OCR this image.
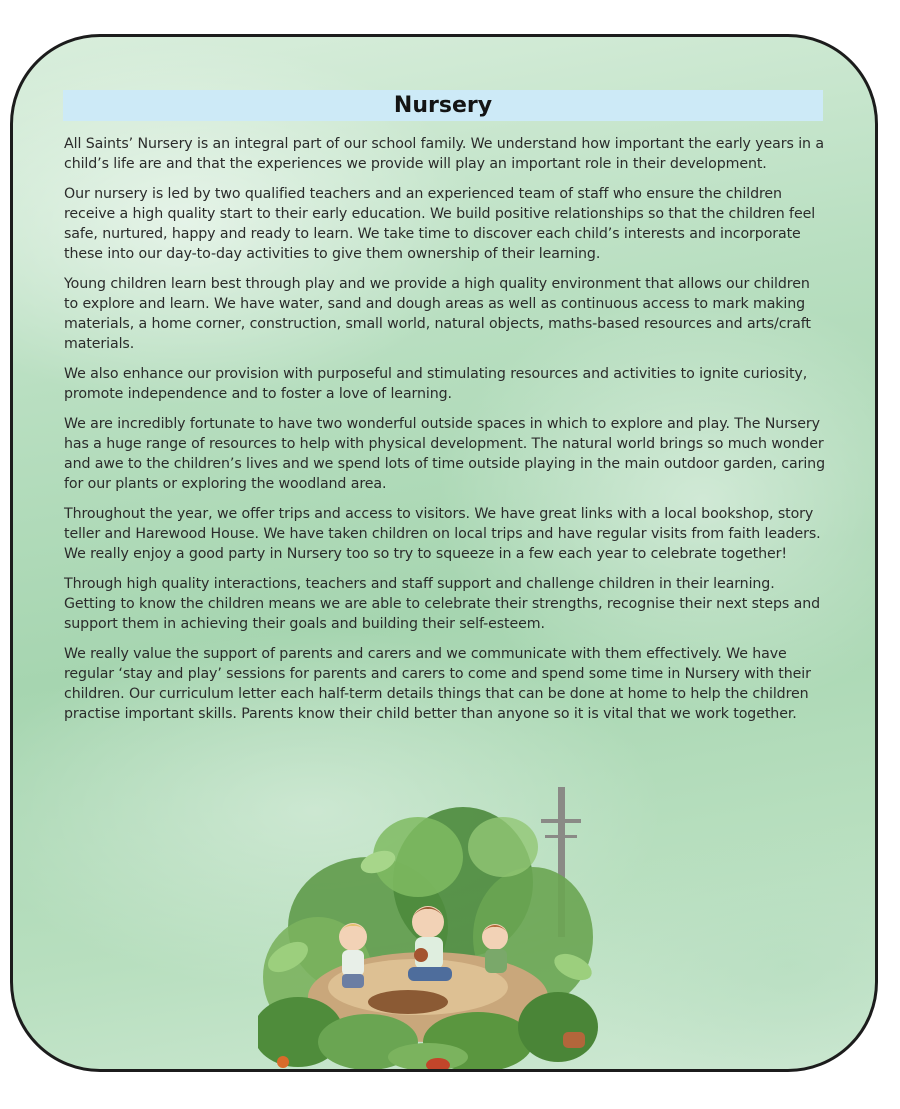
Nursery

All Saints’ Nursery is an integral part of our school family. We understand how important the early years in a child’s life are and that the experiences we provide will play an important role in their development.

Our nursery is led by two qualified teachers and an experienced team of staff who ensure the children receive a high quality start to their early education. We build positive relationships so that the children feel safe, nurtured, happy and ready to learn. We take time to discover each child’s interests and incorporate these into our day-to-day activities to give them ownership of their learning.

Young children learn best through play and we provide a high quality environment that allows our children to explore and learn. We have water, sand and dough areas as well as continuous access to mark making materials, a home corner, construction, small world, natural objects, maths-based resources and arts/craft materials.

We also enhance our provision with purposeful and stimulating resources and activities to ignite curiosity, promote independence and to foster a love of learning.

We are incredibly fortunate to have two wonderful outside spaces in which to explore and play. The Nursery has a huge range of resources to help with physical development. The natural world brings so much wonder and awe to the children’s lives and we spend lots of time outside playing in the main outdoor garden, caring for our plants or exploring the woodland area.

Throughout the year, we offer trips and access to visitors. We have great links with a local bookshop, story teller and Harewood House. We have taken children on local trips and have regular visits from faith leaders. We really enjoy a good party in Nursery too so try to squeeze in a few each year to celebrate together!

Through high quality interactions, teachers and staff support and challenge children in their learning. Getting to know the children means we are able to celebrate their strengths, recognise their next steps and support them in achieving their goals and building their self-esteem.

We really value the support of parents and carers and we communicate with them effectively. We have regular ‘stay and play’ sessions for parents and carers to come and spend some time in Nursery with their children. Our curriculum letter each half-term details things that can be done at home to help the children practise important skills. Parents know their child better than anyone so it is vital that we work together.
